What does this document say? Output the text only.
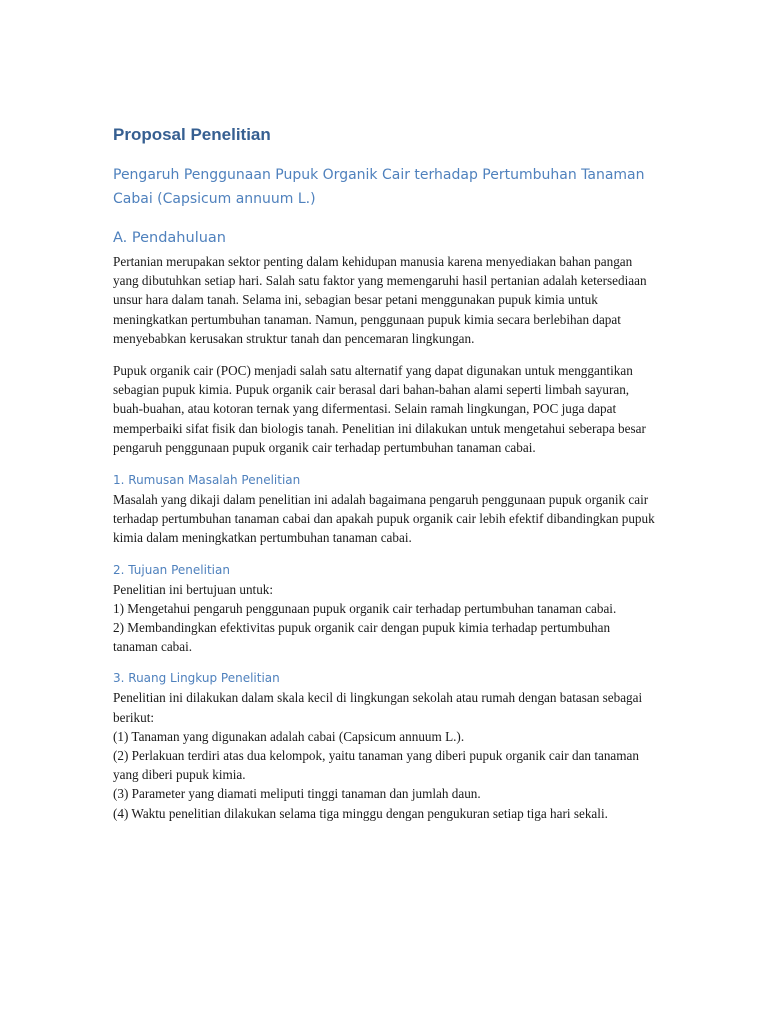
Proposal Penelitian
Pengaruh Penggunaan Pupuk Organik Cair terhadap Pertumbuhan Tanaman Cabai (Capsicum annuum L.)
A. Pendahuluan

Pertanian merupakan sektor penting dalam kehidupan manusia karena menyediakan bahan pangan yang dibutuhkan setiap hari. Salah satu faktor yang memengaruhi hasil pertanian adalah ketersediaan unsur hara dalam tanah. Selama ini, sebagian besar petani menggunakan pupuk kimia untuk meningkatkan pertumbuhan tanaman. Namun, penggunaan pupuk kimia secara berlebihan dapat menyebabkan kerusakan struktur tanah dan pencemaran lingkungan.

Pupuk organik cair (POC) menjadi salah satu alternatif yang dapat digunakan untuk menggantikan sebagian pupuk kimia. Pupuk organik cair berasal dari bahan-bahan alami seperti limbah sayuran, buah-buahan, atau kotoran ternak yang difermentasi. Selain ramah lingkungan, POC juga dapat memperbaiki sifat fisik dan biologis tanah. Penelitian ini dilakukan untuk mengetahui seberapa besar pengaruh penggunaan pupuk organik cair terhadap pertumbuhan tanaman cabai.

1. Rumusan Masalah Penelitian

Masalah yang dikaji dalam penelitian ini adalah bagaimana pengaruh penggunaan pupuk organik cair terhadap pertumbuhan tanaman cabai dan apakah pupuk organik cair lebih efektif dibandingkan pupuk kimia dalam meningkatkan pertumbuhan tanaman cabai.

2. Tujuan Penelitian
Penelitian ini bertujuan untuk:
1) Mengetahui pengaruh penggunaan pupuk organik cair terhadap pertumbuhan tanaman cabai.
2) Membandingkan efektivitas pupuk organik cair dengan pupuk kimia terhadap pertumbuhan tanaman cabai.
3. Ruang Lingkup Penelitian
Penelitian ini dilakukan dalam skala kecil di lingkungan sekolah atau rumah dengan batasan sebagai berikut:
(1) Tanaman yang digunakan adalah cabai (Capsicum annuum L.).
(2) Perlakuan terdiri atas dua kelompok, yaitu tanaman yang diberi pupuk organik cair dan tanaman yang diberi pupuk kimia.
(3) Parameter yang diamati meliputi tinggi tanaman dan jumlah daun.
(4) Waktu penelitian dilakukan selama tiga minggu dengan pengukuran setiap tiga hari sekali.
